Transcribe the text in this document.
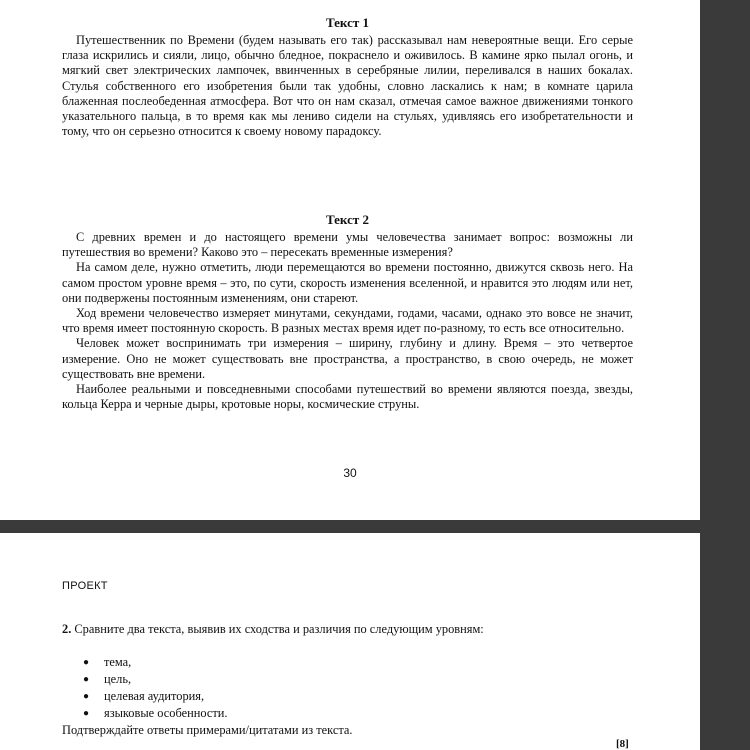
Текст 1

Путешественник по Времени (будем называть его так) рассказывал нам невероятные вещи. Его серые глаза искрились и сияли, лицо, обычно бледное, покраснело и оживилось. В камине ярко пылал огонь, и мягкий свет электрических лампочек, ввинченных в серебряные лилии, переливался в наших бокалах. Стулья собственного его изобретения были так удобны, словно ласкались к нам; в комнате царила блаженная послеобеденная атмосфера. Вот что он нам сказал, отмечая самое важное движениями тонкого указательного пальца, в то время как мы лениво сидели на стульях, удивляясь его изобретательности и тому, что он серьезно относится к своему новому парадоксу.

Текст 2

С древних времен и до настоящего времени умы человечества занимает вопрос: возможны ли путешествия во времени? Каково это – пересекать временные измерения?

На самом деле, нужно отметить, люди перемещаются во времени постоянно, движутся сквозь него. На самом простом уровне время – это, по сути, скорость изменения вселенной, и нравится это людям или нет, они подвержены постоянным изменениям, они стареют.

Ход времени человечество измеряет минутами, секундами, годами, часами, однако это вовсе не значит, что время имеет постоянную скорость. В разных местах время идет по-разному, то есть все относительно.

Человек может воспринимать три измерения – ширину, глубину и длину. Время – это четвертое измерение. Оно не может существовать вне пространства, а пространство, в свою очередь, не может существовать вне времени.

Наиболее реальными и повседневными способами путешествий во времени являются поезда, звезды, кольца Керра и черные дыры, кротовые норы, космические струны.

30
ПРОЕКТ
2. Сравните два текста, выявив их сходства и различия по следующим уровням:
● тема,
● цель,
● целевая аудитория,
● языковые особенности.
Подтверждайте ответы примерами/цитатами из текста.
[8]
